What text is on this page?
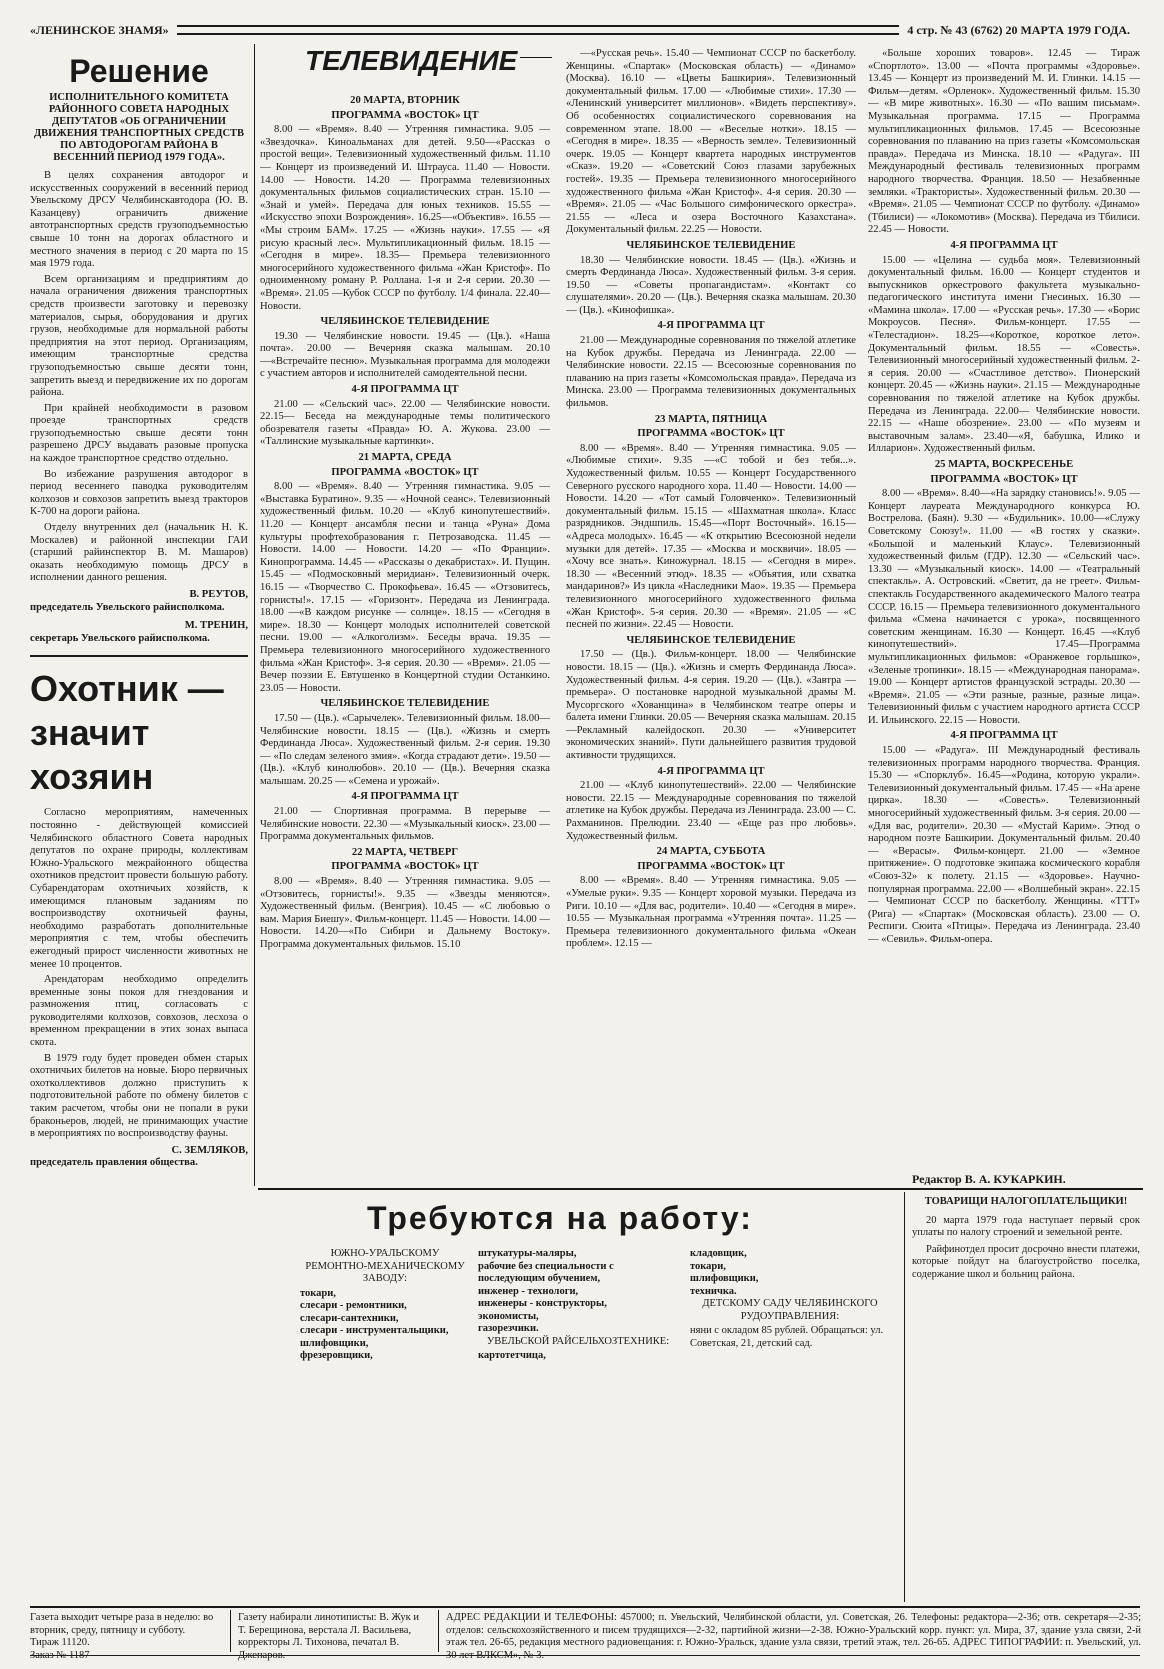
«ЛЕНИНСКОЕ ЗНАМЯ»	4 стр. № 43 (6762) 20 МАРТА 1979 ГОДА.
Решение
ИСПОЛНИТЕЛЬНОГО КОМИТЕТА РАЙОННОГО СОВЕТА НАРОДНЫХ ДЕПУТАТОВ «ОБ ОГРАНИЧЕНИИ ДВИЖЕНИЯ ТРАНСПОРТНЫХ СРЕДСТВ ПО АВТОДОРОГАМ РАЙОНА В ВЕСЕННИЙ ПЕРИОД 1979 ГОДА».

В целях сохранения автодорог и искусственных сооружений в весенний период Увельскому ДРСУ Челябинскавтодора (Ю. В. Казанцеву) ограничить движение автотранспортных средств грузоподъемностью свыше 10 тонн на дорогах областного и местного значения в период с 20 марта по 15 мая 1979 года.

Всем организациям и предприятиям до начала ограничения движения транспортных средств произвести заготовку и перевозку материалов, сырья, оборудования и других грузов, необходимые для нормальной работы предприятия на этот период. Организациям, имеющим транспортные средства грузоподъемностью свыше десяти тонн, запретить выезд и передвижение их по дорогам района.

При крайней необходимости в разовом проезде транспортных средств грузоподъемностью свыше десяти тонн разрешено ДРСУ выдавать разовые пропуска на каждое транспортное средство отдельно.

Во избежание разрушения автодорог в период весеннего паводка руководителям колхозов и совхозов запретить выезд тракторов К-700 на дороги района.

Отделу внутренних дел (начальник Н. К. Москалев) и районной инспекции ГАИ (старший райинспектор В. М. Машаров) оказать необходимую помощь ДРСУ в исполнении данного решения.

В. РЕУТОВ,

председатель Увельского райисполкома.

М. ТРЕНИН,

секретарь Увельского райисполкома.

Охотник — значит хозяин

Согласно мероприятиям, намеченных постоянно - действующей комиссией Челябинского областного Совета народных депутатов по охране природы, коллективам Южно-Уральского межрайонного общества охотников предстоит провести большую работу. Субарендаторам охотничьих хозяйств, к имеющимся плановым заданиям по воспроизводству охотничьей фауны, необходимо разработать дополнительные мероприятия с тем, чтобы обеспечить ежегодный прирост численности животных не менее 10 процентов.

Арендаторам необходимо определить временные зоны покоя для гнездования и размножения птиц, согласовать с руководителями колхозов, совхозов, лесхоза о временном прекращении в этих зонах выпаса скота.

В 1979 году будет проведен обмен старых охотничьих билетов на новые. Бюро первичных охотколлективов должно приступить к подготовительной работе по обмену билетов с таким расчетом, чтобы они не попали в руки браконьеров, людей, не принимающих участие в мероприятиях по воспроизводству фауны.

С. ЗЕМЛЯКОВ,

председатель правления общества.

ТЕЛЕВИДЕНИЕ

20 МАРТА, ВТОРНИК

ПРОГРАММА «ВОСТОК» ЦТ

8.00 — «Время». 8.40 — Утренняя гимнастика. 9.05 — «Звездочка». Киноальманах для детей. 9.50—«Рассказ о простой вещи». Телевизионный художественный фильм. 11.10 — Концерт из произведений И. Штрауса. 11.40 — Новости. 14.00 — Новости. 14.20 — Программа телевизионных документальных фильмов социалистических стран. 15.10 — «Знай и умей». Передача для юных техников. 15.55 — «Искусство эпохи Возрождения». 16.25—«Объектив». 16.55 — «Мы строим БАМ». 17.25 — «Жизнь науки». 17.55 — «Я рисую красный лес». Мультипликационный фильм. 18.15 — «Сегодня в мире». 18.35— Премьера телевизионного многосерийного художественного фильма «Жан Кристоф». По одноименному роману Р. Роллана. 1-я и 2-я серии. 20.30 — «Время». 21.05 —Кубок СССР по футболу. 1/4 финала. 22.40— Новости.

ЧЕЛЯБИНСКОЕ ТЕЛЕВИДЕНИЕ

19.30 — Челябинские новости. 19.45 — (Цв.). «Наша почта». 20.00 — Вечерняя сказка малышам. 20.10—«Встречайте песню». Музыкальная программа для молодежи с участием авторов и исполнителей самодеятельной песни.

4-Я ПРОГРАММА ЦТ

21.00 — «Сельский час». 22.00 — Челябинские новости. 22.15— Беседа на международные темы политического обозревателя газеты «Правда» Ю. А. Жукова. 23.00 — «Таллинские музыкальные картинки».

21 МАРТА, СРЕДА

ПРОГРАММА «ВОСТОК» ЦТ

8.00 — «Время». 8.40 — Утренняя гимнастика. 9.05 — «Выставка Буратино». 9.35 — «Ночной сеанс». Телевизионный художественный фильм. 10.20 — «Клуб кинопутешествий». 11.20 — Концерт ансамбля песни и танца «Руна» Дома культуры профтехобразования г. Петрозаводска. 11.45 — Новости. 14.00 — Новости. 14.20 — «По Франции». Кинопрограмма. 14.45 — «Рассказы о декабристах». И. Пущин. 15.45 — «Подмосковный меридиан». Телевизионный очерк. 16.15 — «Творчество С. Прокофьева». 16.45 — «Отзовитесь, горнисты!». 17.15 — «Горизонт». Передача из Ленинграда. 18.00 —«В каждом рисунке — солнце». 18.15 — «Сегодня в мире». 18.30 — Концерт молодых исполнителей советской песни. 19.00 — «Алкоголизм». Беседы врача. 19.35 — Премьера телевизионного многосерийного художественного фильма «Жан Кристоф». 3-я серия. 20.30 — «Время». 21.05 — Вечер поэзии Е. Евтушенко в Концертной студии Останкино. 23.05 — Новости.

ЧЕЛЯБИНСКОЕ ТЕЛЕВИДЕНИЕ

17.50 — (Цв.). «Сарычелек». Телевизионный фильм. 18.00— Челябинские новости. 18.15 — (Цв.). «Жизнь и смерть Фердинанда Люса». Художественный фильм. 2-я серия. 19.30 — «По следам зеленого змия». «Когда страдают дети». 19.50 — (Цв.). «Клуб кинолюбов». 20.10 — (Цв.). Вечерняя сказка малышам. 20.25 — «Семена и урожай».

4-Я ПРОГРАММА ЦТ

21.00 — Спортивная программа. В перерыве — Челябинские новости. 22.30 — «Музыкальный киоск». 23.00 — Программа документальных фильмов.

22 МАРТА, ЧЕТВЕРГ

ПРОГРАММА «ВОСТОК» ЦТ

8.00 — «Время». 8.40 — Утренняя гимнастика. 9.05 — «Отзовитесь, горнисты!». 9.35 — «Звезды меняются». Художественный фильм. (Венгрия). 10.45 — «С любовью о вам. Мария Биешу». Фильм-концерт. 11.45 — Новости. 14.00 — Новости. 14.20—«По Сибири и Дальнему Востоку». Программа документальных фильмов. 15.10

—«Русская речь». 15.40 — Чемпионат СССР по баскетболу. Женщины. «Спартак» (Московская область) — «Динамо» (Москва). 16.10 — «Цветы Башкирия». Телевизионный документальный фильм. 17.00 — «Любимые стихи». 17.30 — «Ленинский университет миллионов». «Видеть перспективу». Об особенностях социалистического соревнования на современном этапе. 18.00 — «Веселые нотки». 18.15 — «Сегодня в мире». 18.35 — «Верность земле». Телевизионный очерк. 19.05 — Концерт квартета народных инструментов «Сказ». 19.20 — «Советский Союз глазами зарубежных гостей». 19.35 — Премьера телевизионного многосерийного художественного фильма «Жан Кристоф». 4-я серия. 20.30 — «Время». 21.05 — «Час Большого симфонического оркестра». 21.55 — «Леса и озера Восточного Казахстана». Документальный фильм. 22.25 — Новости.

ЧЕЛЯБИНСКОЕ ТЕЛЕВИДЕНИЕ

18.30 — Челябинские новости. 18.45 — (Цв.). «Жизнь и смерть Фердинанда Люса». Художественный фильм. 3-я серия. 19.50 — «Советы пропагандистам». «Контакт со слушателями». 20.20 — (Цв.). Вечерняя сказка малышам. 20.30 — (Цв.). «Кинофишка».

4-Я ПРОГРАММА ЦТ

21.00 — Международные соревнования по тяжелой атлетике на Кубок дружбы. Передача из Ленинграда. 22.00 — Челябинские новости. 22.15 — Всесоюзные соревнования по плаванию на приз газеты «Комсомольская правда». Передача из Минска. 23.00 — Программа телевизионных документальных фильмов.

23 МАРТА, ПЯТНИЦА

ПРОГРАММА «ВОСТОК» ЦТ

8.00 — «Время». 8.40 — Утренняя гимнастика. 9.05 — «Любимые стихи». 9.35 —«С тобой и без тебя...». Художественный фильм. 10.55 — Концерт Государственного Северного русского народного хора. 11.40 — Новости. 14.00 — Новости. 14.20 — «Тот самый Головченко». Телевизионный документальный фильм. 15.15 — «Шахматная школа». Класс разрядников. Эндшпиль. 15.45—«Порт Восточный». 16.15— «Адреса молодых». 16.45 — «К открытию Всесоюзной недели музыки для детей». 17.35 — «Москва и москвичи». 18.05 — «Хочу все знать». Киножурнал. 18.15 — «Сегодня в мире». 18.30 — «Весенний этюд». 18.35 — «Объятия, или схватка мандаринов?» Из цикла «Наследники Мао». 19.35 — Премьера телевизионного многосерийного художественного фильма «Жан Кристоф». 5-я серия. 20.30 — «Время». 21.05 — «С песней по жизни». 22.45 — Новости.

ЧЕЛЯБИНСКОЕ ТЕЛЕВИДЕНИЕ

17.50 — (Цв.). Фильм-концерт. 18.00 — Челябинские новости. 18.15 — (Цв.). «Жизнь и смерть Фердинанда Люса». Художественный фильм. 4-я серия. 19.20 — (Цв.). «Завтра — премьера». О постановке народной музыкальной драмы М. Мусоргского «Хованщина» в Челябинском театре оперы и балета имени Глинки. 20.05 — Вечерняя сказка малышам. 20.15 —Рекламный калейдоскоп. 20.30 — «Университет экономических знаний». Пути дальнейшего развития трудовой активности трудящихся.

4-Я ПРОГРАММА ЦТ

21.00 — «Клуб кинопутешествий». 22.00 — Челябинские новости. 22.15 — Международные соревнования по тяжелой атлетике на Кубок дружбы. Передача из Ленинграда. 23.00 — С. Рахманинов. Прелюдии. 23.40 — «Еще раз про любовь». Художественный фильм.

24 МАРТА, СУББОТА

ПРОГРАММА «ВОСТОК» ЦТ

8.00 — «Время». 8.40 — Утренняя гимнастика. 9.05 — «Умелые руки». 9.35 — Концерт хоровой музыки. Передача из Риги. 10.10 — «Для вас, родители». 10.40 — «Сегодня в мире». 10.55 — Музыкальная программа «Утренняя почта». 11.25 — Премьера телевизионного документального фильма «Океан проблем». 12.15 —

«Больше хороших товаров». 12.45 — Тираж «Спортлото». 13.00 — «Почта программы «Здоровье». 13.45 — Концерт из произведений М. И. Глинки. 14.15 — Фильм—детям. «Орленок». Художественный фильм. 15.30 — «В мире животных». 16.30 — «По вашим письмам». Музыкальная программа. 17.15 — Программа мультипликационных фильмов. 17.45 — Всесоюзные соревнования по плаванию на приз газеты «Комсомольская правда». Передача из Минска. 18.10 — «Радуга». III Международный фестиваль телевизионных программ народного творчества. Франция. 18.50 — Незабвенные земляки. «Трактористы». Художественный фильм. 20.30 — «Время». 21.05 — Чемпионат СССР по футболу. «Динамо» (Тбилиси) — «Локомотив» (Москва). Передача из Тбилиси. 22.45 — Новости.

4-Я ПРОГРАММА ЦТ

15.00 — «Целина — судьба моя». Телевизионный документальный фильм. 16.00 — Концерт студентов и выпускников оркестрового факультета музыкально-педагогического института имени Гнесиных. 16.30 — «Мамина школа». 17.00 — «Русская речь». 17.30 — «Борис Мокроусов. Песня». Фильм-концерт. 17.55 — «Телестадион». 18.25—«Короткое, короткое лето». Документальный фильм. 18.55 — «Совесть». Телевизионный многосерийный художественный фильм. 2-я серия. 20.00 — «Счастливое детство». Пионерский концерт. 20.45 — «Жизнь науки». 21.15 — Международные соревнования по тяжелой атлетике на Кубок дружбы. Передача из Ленинграда. 22.00— Челябинские новости. 22.15 — «Наше обозрение». 23.00 — «По музеям и выставочным залам». 23.40—«Я, бабушка, Илико и Илларион». Художественный фильм.

25 МАРТА, ВОСКРЕСЕНЬЕ

ПРОГРАММА «ВОСТОК» ЦТ

8.00 — «Время». 8.40—«На зарядку становись!». 9.05 — Концерт лауреата Международного конкурса Ю. Вострелова. (Баян). 9.30 — «Будильник». 10.00—«Служу Советскому Союзу!». 11.00 — «В гостях у сказки». «Большой и маленький Клаус». Телевизионный художественный фильм (ГДР). 12.30 — «Сельский час». 13.30 — «Музыкальный киоск». 14.00 — «Театральный спектакль». А. Островский. «Светит, да не греет». Фильм-спектакль Государственного академического Малого театра СССР. 16.15 — Премьера телевизионного документального фильма «Смена начинается с урока», посвященного советским женщинам. 16.30 — Концерт. 16.45 —«Клуб кинопутешествий». 17.45—Программа мультипликационных фильмов: «Оранжевое горлышко», «Зеленые тропинки». 18.15 — «Международная панорама». 19.00 — Концерт артистов французской эстрады. 20.30 — «Время». 21.05 — «Эти разные, разные, разные лица». Телевизионный фильм с участием народного артиста СССР И. Ильинского. 22.15 — Новости.

4-Я ПРОГРАММА ЦТ

15.00 — «Радуга». III Международный фестиваль телевизионных программ народного творчества. Франция. 15.30 — «Спорклуб». 16.45—«Родина, которую украли». Телевизионный документальный фильм. 17.45 — «На арене цирка». 18.30 — «Совесть». Телевизионный многосерийный художественный фильм. 3-я серия. 20.00 — «Для вас, родители». 20.30 — «Мустай Карим». Этюд о народном поэте Башкирии. Документальный фильм. 20.40 — «Верасы». Фильм-концерт. 21.00 — «Земное притяжение». О подготовке экипажа космического корабля «Союз-32» к полету. 21.15 — «Здоровье». Научно-популярная программа. 22.00 — «Волшебный экран». 22.15 — Чемпионат СССР по баскетболу. Женщины. «ТТТ» (Рига) — «Спартак» (Московская область). 23.00 — О. Респиги. Сюита «Птицы». Передача из Ленинграда. 23.40 — «Севиль». Фильм-опера.

Редактор В. А. КУКАРКИН.
Требуются на работу:
ЮЖНО-УРАЛЬСКОМУ РЕМОНТНО-МЕХАНИЧЕСКОМУ ЗАВОДУ:
токари,
слесари - ремонтники,
слесари-сантехники,
слесари - инструментальщики,
шлифовщики,
фрезеровщики,
штукатуры-маляры,
рабочие без специальности с последующим обучением,
инженер - технологи,
инженеры - конструкторы,
экономисты,
газорезчики.
УВЕЛЬСКОЙ РАЙСЕЛЬХОЗТЕХНИКЕ:
картотетчица,
кладовщик,
токари,
шлифовщики,
техничка.
ДЕТСКОМУ САДУ ЧЕЛЯБИНСКОГО РУДОУПРАВЛЕНИЯ:
няни с окладом 85 рублей. Обращаться: ул. Советская, 21, детский сад.
ТОВАРИЩИ НАЛОГОПЛАТЕЛЬЩИКИ!

20 марта 1979 года наступает первый срок уплаты по налогу строений и земельной ренте.

Райфинотдел просит досрочно внести платежи, которые пойдут на благоустройство поселка, содержание школ и больниц района.

Газета выходит четыре раза в неделю: во вторник, среду, пятницу и субботу.
Тираж 11120.
Заказ № 1187
Газету набирали линотиписты: В. Жук и Т. Берещинова, верстала Л. Васильева, корректоры Л. Тихонова, печатал В. Джепаров.
АДРЕС РЕДАКЦИИ И ТЕЛЕФОНЫ: 457000; п. Увельский, Челябинской области, ул. Советская, 26. Телефоны: редактора—2-36; отв. секретаря—2-35; отделов: сельскохозяйственного и писем трудящихся—2-32, партийной жизни—2-38. Южно-Уральский корр. пункт: ул. Мира, 37, здание узла связи, 2-й этаж тел. 26-65, редакция местного радиовещания: г. Южно-Уральск, здание узла связи, третий этаж, тел. 26-65. АДРЕС ТИПОГРАФИИ: п. Увельский, ул. 30 лет ВЛКСМ», № 3.
